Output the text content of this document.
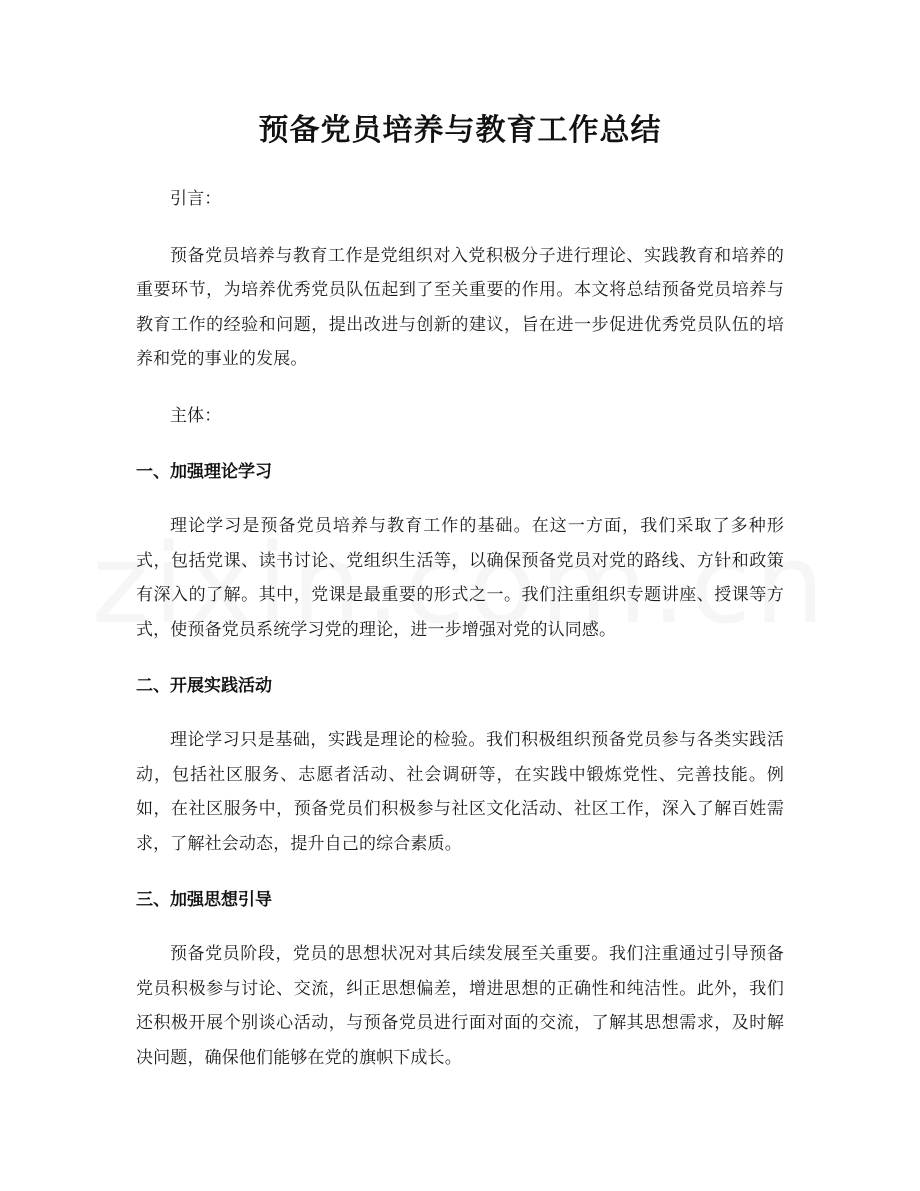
预备党员培养与教育工作总结

引言：

预备党员培养与教育工作是党组织对入党积极分子进行理论、实践教育和培养的重要环节，为培养优秀党员队伍起到了至关重要的作用。本文将总结预备党员培养与教育工作的经验和问题，提出改进与创新的建议，旨在进一步促进优秀党员队伍的培养和党的事业的发展。

主体：

一、加强理论学习

理论学习是预备党员培养与教育工作的基础。在这一方面，我们采取了多种形式，包括党课、读书讨论、党组织生活等，以确保预备党员对党的路线、方针和政策有深入的了解。其中，党课是最重要的形式之一。我们注重组织专题讲座、授课等方式，使预备党员系统学习党的理论，进一步增强对党的认同感。

二、开展实践活动

理论学习只是基础，实践是理论的检验。我们积极组织预备党员参与各类实践活动，包括社区服务、志愿者活动、社会调研等，在实践中锻炼党性、完善技能。例如，在社区服务中，预备党员们积极参与社区文化活动、社区工作，深入了解百姓需求，了解社会动态，提升自己的综合素质。

三、加强思想引导

预备党员阶段，党员的思想状况对其后续发展至关重要。我们注重通过引导预备党员积极参与讨论、交流，纠正思想偏差，增进思想的正确性和纯洁性。此外，我们还积极开展个别谈心活动，与预备党员进行面对面的交流，了解其思想需求，及时解决问题，确保他们能够在党的旗帜下成长。
